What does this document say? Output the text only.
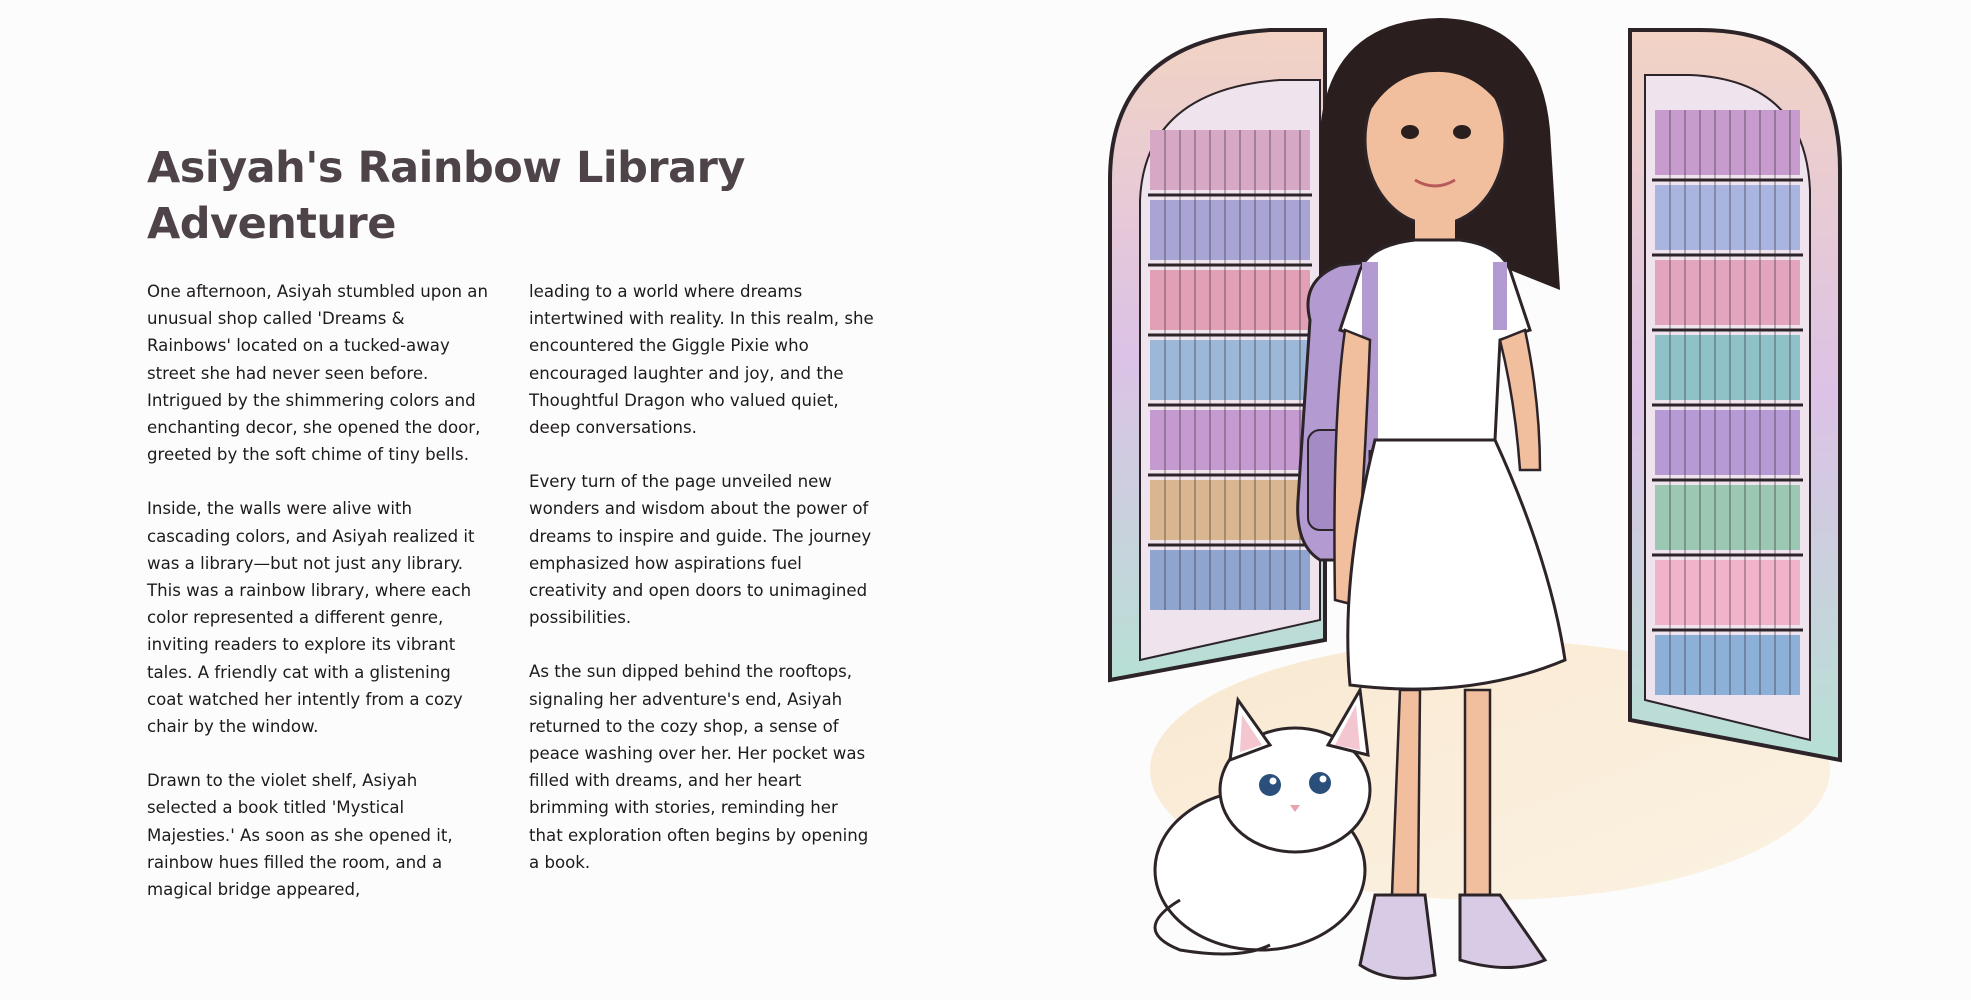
Asiyah's Rainbow Library Adventure

One afternoon, Asiyah stumbled upon an unusual shop called 'Dreams & Rainbows' located on a tucked-away street she had never seen before. Intrigued by the shimmering colors and enchanting decor, she opened the door, greeted by the soft chime of tiny bells.

Inside, the walls were alive with cascading colors, and Asiyah realized it was a library—but not just any library. This was a rainbow library, where each color represented a different genre, inviting readers to explore its vibrant tales. A friendly cat with a glistening coat watched her intently from a cozy chair by the window.

Drawn to the violet shelf, Asiyah selected a book titled 'Mystical Majesties.' As soon as she opened it, rainbow hues filled the room, and a magical bridge appeared,

leading to a world where dreams intertwined with reality. In this realm, she encountered the Giggle Pixie who encouraged laughter and joy, and the Thoughtful Dragon who valued quiet, deep conversations.

Every turn of the page unveiled new wonders and wisdom about the power of dreams to inspire and guide. The journey emphasized how aspirations fuel creativity and open doors to unimagined possibilities.

As the sun dipped behind the rooftops, signaling her adventure's end, Asiyah returned to the cozy shop, a sense of peace washing over her. Her pocket was filled with dreams, and her heart brimming with stories, reminding her that exploration often begins by opening a book.
